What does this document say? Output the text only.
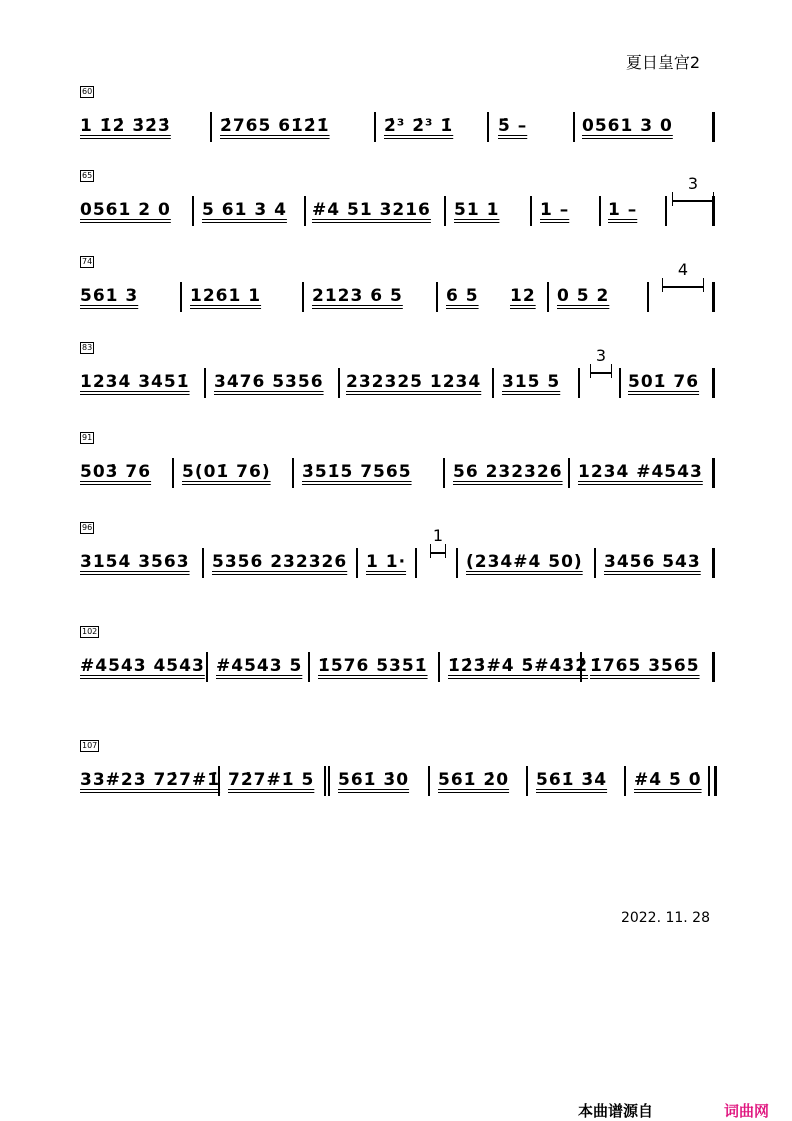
夏日皇宫2
60
1 1̇2̇ 3̇2̇3̇	2̇765 61̇2̇1̇	2̇³ 2̇³ 1̇	5̇ –	0561 3 0
65
0561 2 0 5 61 3 4 #4 51 3216 51 1 1 – 1 –
3
74
561 3	1261 1	2123 6 5	6 5 12 0 5 2
4
83
1234 3451̇ 3476 5356 232325 1234 315 5	501̇ 76
3
91
503̇ 76 5(01̇ 76) 3̇51̇5 7565 56 232326 1234 #4543
96
3154 3563 5356 232326 1 1·	(234#4 50) 3456 543
1
102
#4543 4543 #4543 5 1̇576 5351̇ 1̇2̇3̇#4̇ 5̇#4̇3̇2̇ 1̇765 3565
107
33#23 72̇7#1̇ 72̇7#1̇ 5 561̇ 3̇0 561̇ 2̇0 561̇ 3̇4̇ #4̇ 5̇ 0̇
2022. 11. 28
本曲谱源自	词曲网
